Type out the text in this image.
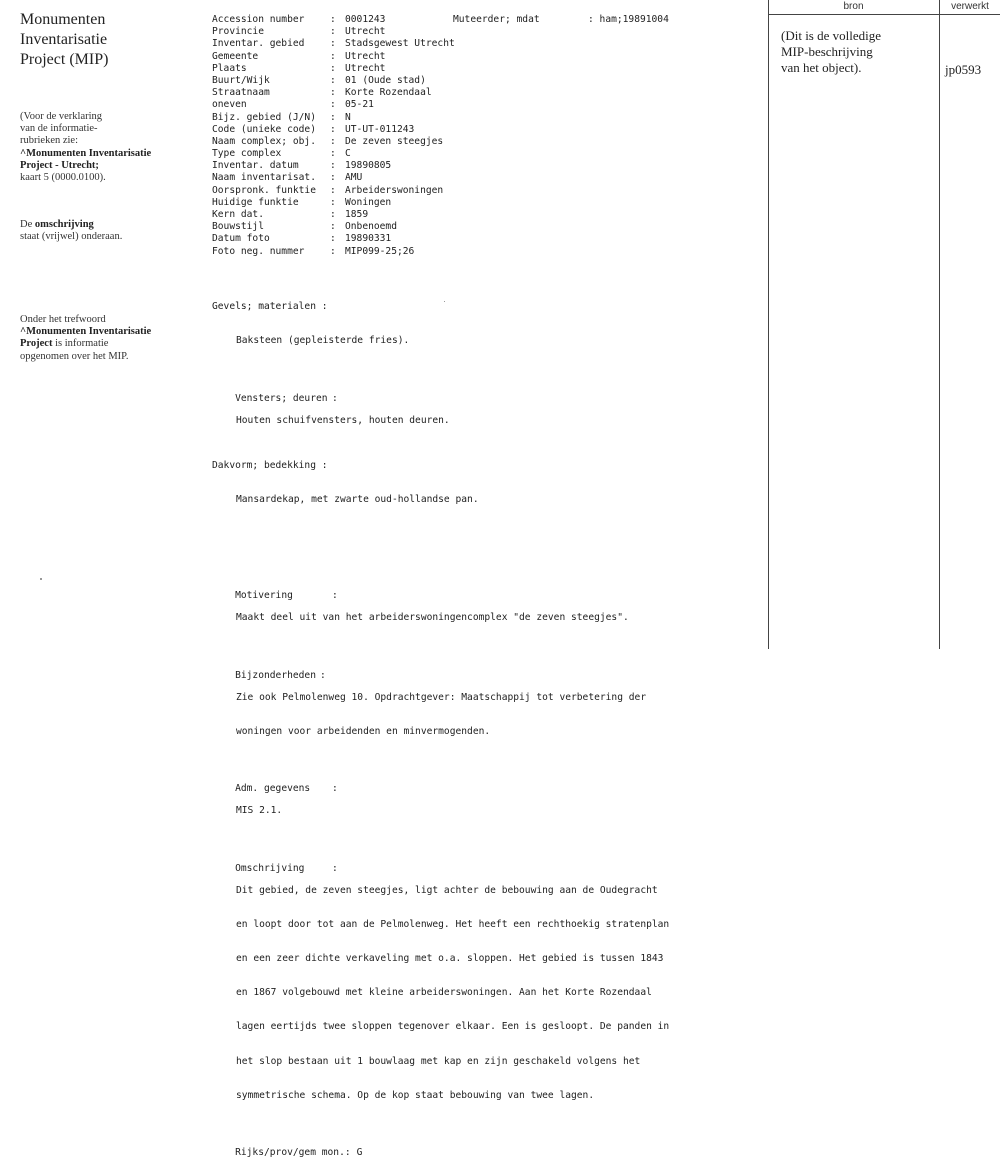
Monumenten
Inventarisatie
Project (MIP)
(Voor de verklaring
van de informatie-
rubrieken zie:
^Monumenten Inventarisatie
Project - Utrecht;
kaart 5 (0000.0100).
De omschrijving
staat (vrijwel) onderaan.
Onder het trefwoord
^Monumenten Inventarisatie
Project is informatie
opgenomen over het MIP.
Accession number	: 0001243
Provincie	: Utrecht
Inventar. gebied	: Stadsgewest Utrecht
Gemeente	: Utrecht
Plaats	: Utrecht
Buurt/Wijk	: 01 (Oude stad)
Straatnaam	: Korte Rozendaal
oneven	: 05-21
Bijz. gebied (J/N) : N
Code (unieke code) : UT-UT-011243
Naam complex; obj. : De zeven steegjes
Type complex	: C
Inventar. datum	: 19890805
Naam inventarisat. : AMU
Oorspronk. funktie : Arbeiderswoningen
Huidige funktie	: Woningen
Kern dat.	: 1859
Bouwstijl	: Onbenoemd
Datum foto	: 19890331
Foto neg. nummer	: MIP099-25;26
Muteerder; mdat	: ham;19891004

Gevels; materialen :

Baksteen (gepleisterde fries).

Vensters; deuren :

Houten schuifvensters, houten deuren.

Dakvorm; bedekking :

Mansardekap, met zwarte oud-hollandse pan.

Motivering	:

Maakt deel uit van het arbeiderswoningencomplex "de zeven steegjes".

Bijzonderheden :

Zie ook Pelmolenweg 10. Opdrachtgever: Maatschappij tot verbetering der

woningen voor arbeidenden en minvermogenden.

Adm. gegevens :

MIS 2.1.

Omschrijving	:

Dit gebied, de zeven steegjes, ligt achter de bebouwing aan de Oudegracht

en loopt door tot aan de Pelmolenweg. Het heeft een rechthoekig stratenplan

en een zeer dichte verkaveling met o.a. sloppen. Het gebied is tussen 1843

en 1867 volgebouwd met kleine arbeiderswoningen. Aan het Korte Rozendaal

lagen eertijds twee sloppen tegenover elkaar. Een is gesloopt. De panden in

het slop bestaan uit 1 bouwlaag met kap en zijn geschakeld volgens het

symmetrische schema. Op de kop staat bebouwing van twee lagen.

Rijks/prov/gem mon.: G

bron	verwerkt
(Dit is de volledige
MIP-beschrijving
van het object).	jp0593
